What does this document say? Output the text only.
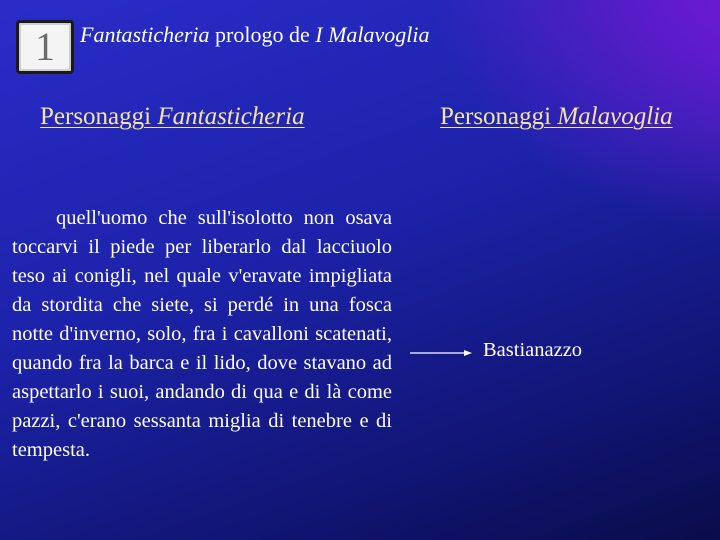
1 Fantasticheria prologo de I Malavoglia
Personaggi Fantasticheria	Personaggi Malavoglia

quell'uomo che sull'isolotto non osava toccarvi il piede per liberarlo dal lacciuolo teso ai conigli, nel quale v'eravate impigliata da stordita che siete, si perdé in una fosca notte d'inverno, solo, fra i cavalloni scatenati, quando fra la barca e il lido, dove stavano ad aspettarlo i suoi, andando di qua e di là come pazzi, c'erano sessanta miglia di tenebre e di tempesta.

Bastianazzo
